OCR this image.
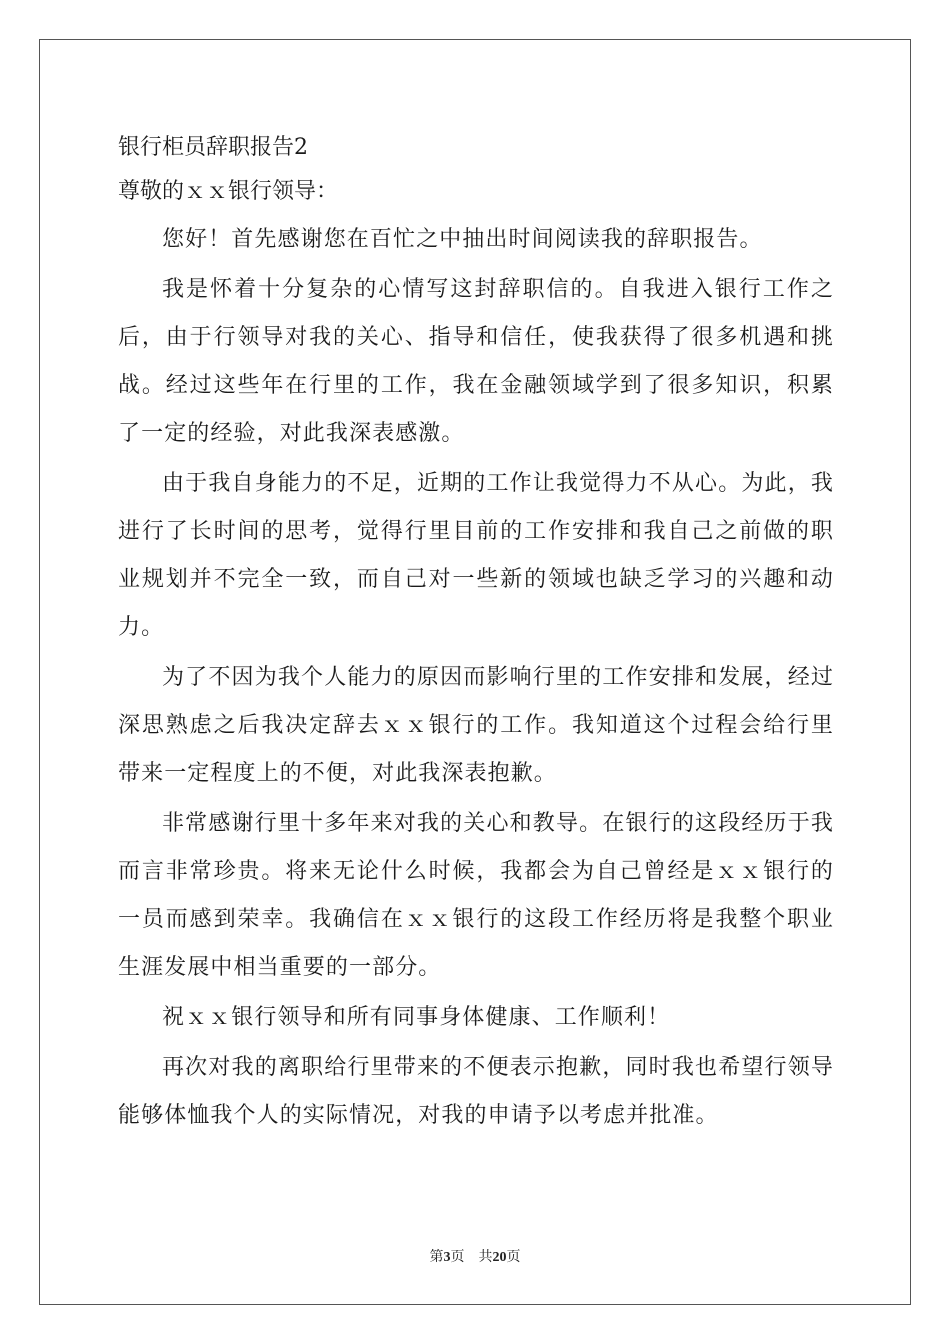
银行柜员辞职报告2

尊敬的ｘｘ银行领导：

您好！首先感谢您在百忙之中抽出时间阅读我的辞职报告。

我是怀着十分复杂的心情写这封辞职信的。自我进入银行工作之后，由于行领导对我的关心、指导和信任，使我获得了很多机遇和挑战。经过这些年在行里的工作，我在金融领域学到了很多知识，积累了一定的经验，对此我深表感激。

由于我自身能力的不足，近期的工作让我觉得力不从心。为此，我进行了长时间的思考，觉得行里目前的工作安排和我自己之前做的职业规划并不完全一致，而自己对一些新的领域也缺乏学习的兴趣和动力。

为了不因为我个人能力的原因而影响行里的工作安排和发展，经过深思熟虑之后我决定辞去ｘｘ银行的工作。我知道这个过程会给行里带来一定程度上的不便，对此我深表抱歉。

非常感谢行里十多年来对我的关心和教导。在银行的这段经历于我而言非常珍贵。将来无论什么时候，我都会为自己曾经是ｘｘ银行的一员而感到荣幸。我确信在ｘｘ银行的这段工作经历将是我整个职业生涯发展中相当重要的一部分。

祝ｘｘ银行领导和所有同事身体健康、工作顺利！

再次对我的离职给行里带来的不便表示抱歉，同时我也希望行领导能够体恤我个人的实际情况，对我的申请予以考虑并批准。

第3页　共20页
